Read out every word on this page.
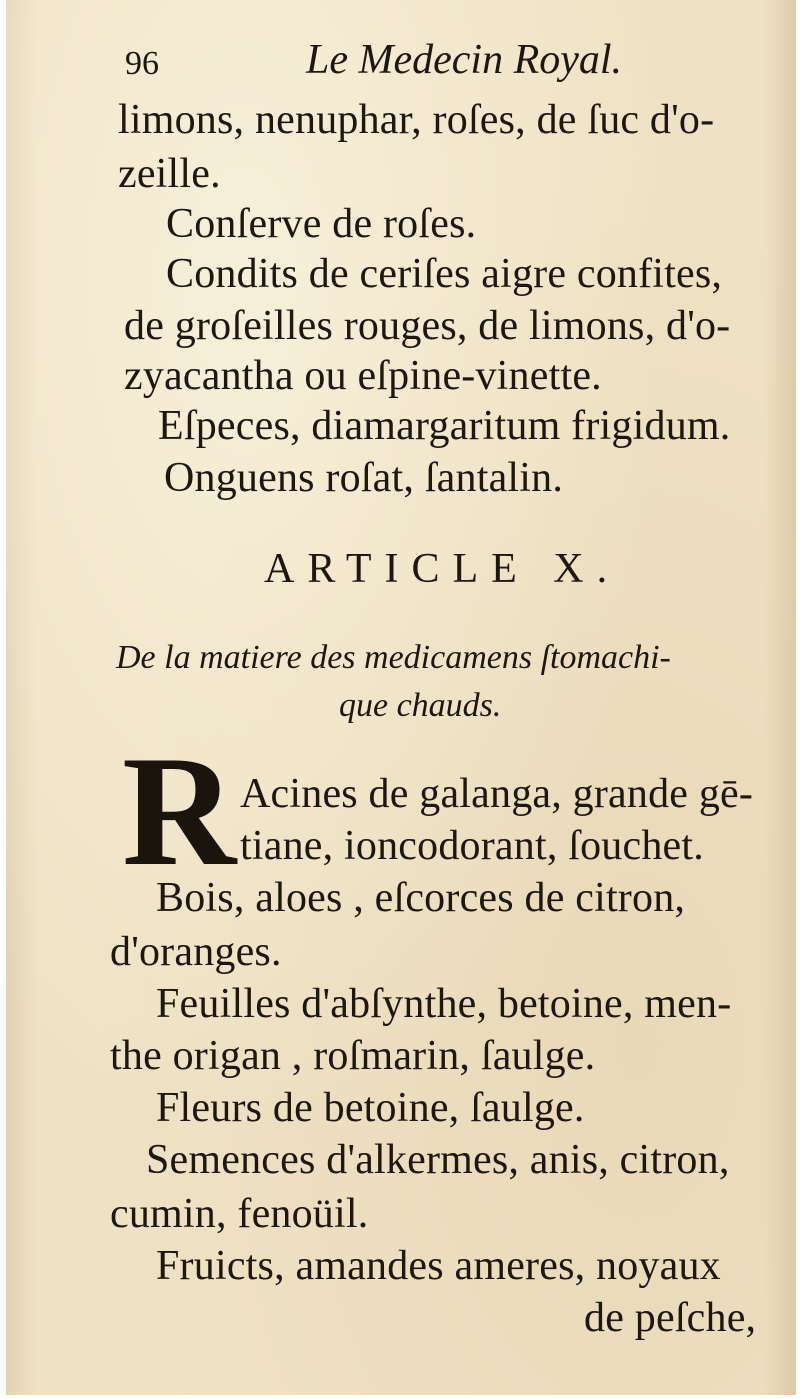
96	Le Medecin Royal.
limons, nenuphar, roſes, de ſuc d'o-
zeille.
Conſerve de roſes.
Condits de ceriſes aigre confites,
de groſeilles rouges, de limons, d'o-
zyacantha ou eſpine-vinette.
Eſpeces, diamargaritum frigidum.
Onguens roſat, ſantalin.
ARTICLE X.
De la matiere des medicamens ſtomachi-
que chauds.
R Acines de galanga, grande gē-
tiane, ioncodorant, ſouchet.
Bois, aloes , eſcorces de citron,
d'oranges.
Feuilles d'abſynthe, betoine, men-
the origan , roſmarin, ſaulge.
Fleurs de betoine, ſaulge.
Semences d'alkermes, anis, citron,
cumin, fenoüil.
Fruicts, amandes ameres, noyaux
de peſche,
